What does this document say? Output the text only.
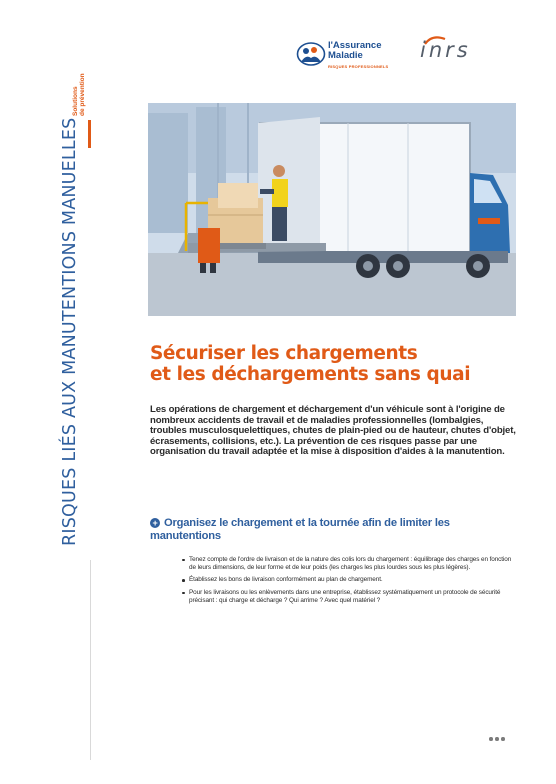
Solutions de prévention
RISQUES LIÉS AUX MANUTENTIONS MANUELLES
l'Assurance
Maladie
RISQUES PROFESSIONNELS
inrs
Sécuriser les chargements
et les déchargements sans quai
Les opérations de chargement et déchargement d'un véhicule sont à l'origine de nombreux accidents de travail et de maladies professionnelles (lombalgies, troubles musculosquelettiques, chutes de plain-pied ou de hauteur, chutes d'objet, écrasements, collisions, etc.). La prévention de ces risques passe par une organisation du travail adaptée et la mise à disposition d'aides à la manutention.
+ Organisez le chargement et la tournée afin de limiter les manutentions
Tenez compte de l'ordre de livraison et de la nature des colis lors du chargement : équilibrage des charges en fonction de leurs dimensions, de leur forme et de leur poids (les charges les plus lourdes sous les plus légères).
Établissez les bons de livraison conformément au plan de chargement.
Pour les livraisons ou les enlèvements dans une entreprise, établissez systématiquement un protocole de sécurité précisant : qui charge et décharge ? Qui arrime ? Avec quel matériel ?
